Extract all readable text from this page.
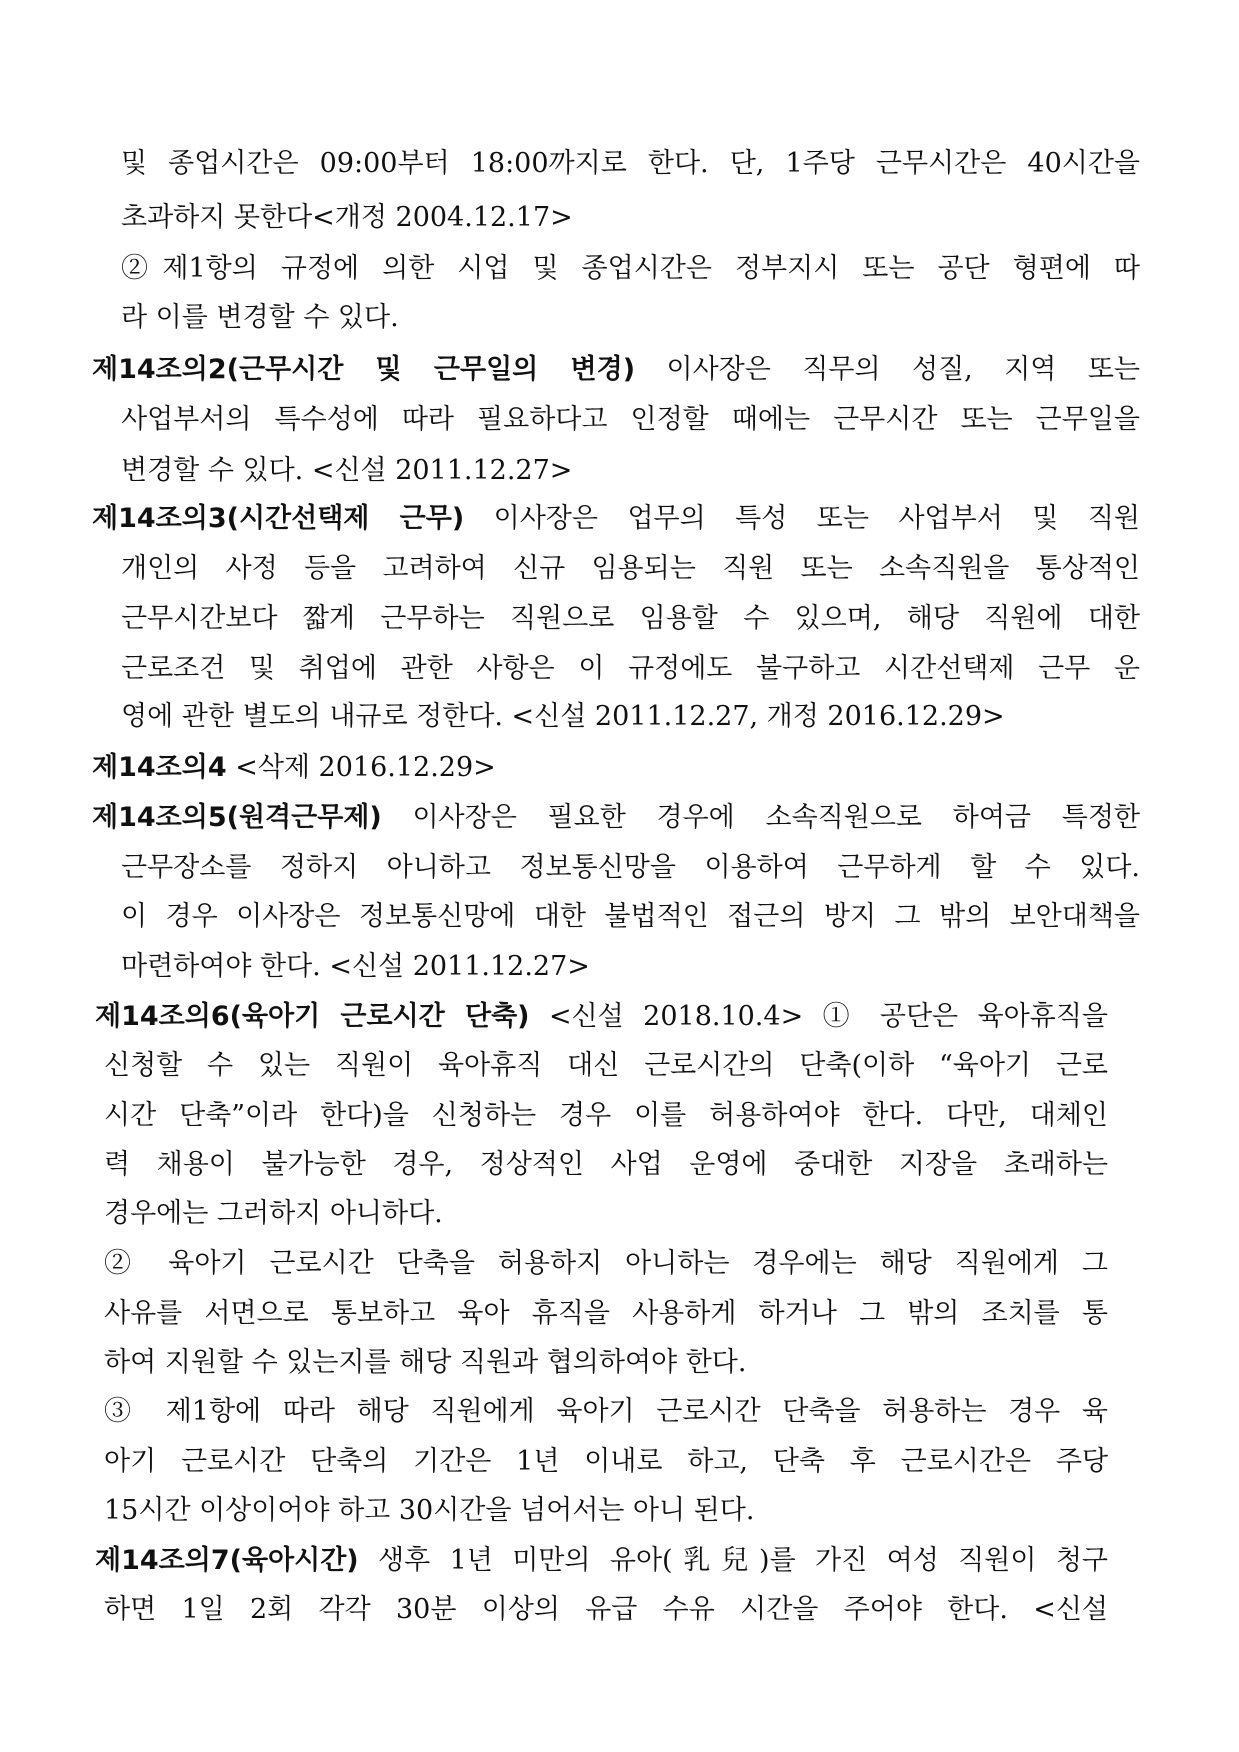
및 종업시간은 09:00부터 18:00까지로 한다. 단, 1주당 근무시간은 40시간을
초과하지 못한다<개정 2004.12.17>
②제1항의 규정에 의한 시업 및 종업시간은 정부지시 또는 공단 형편에 따
라 이를 변경할 수 있다.
제14조의2(근무시간 및 근무일의 변경) 이사장은 직무의 성질, 지역 또는
사업부서의 특수성에 따라 필요하다고 인정할 때에는 근무시간 또는 근무일을
변경할 수 있다. <신설 2011.12.27>
제14조의3(시간선택제 근무) 이사장은 업무의 특성 또는 사업부서 및 직원
개인의 사정 등을 고려하여 신규 임용되는 직원 또는 소속직원을 통상적인
근무시간보다 짧게 근무하는 직원으로 임용할 수 있으며, 해당 직원에 대한
근로조건 및 취업에 관한 사항은 이 규정에도 불구하고 시간선택제 근무 운
영에 관한 별도의 내규로 정한다. <신설 2011.12.27, 개정 2016.12.29>
제14조의4 <삭제 2016.12.29>
제14조의5(원격근무제) 이사장은 필요한 경우에 소속직원으로 하여금 특정한
근무장소를 정하지 아니하고 정보통신망을 이용하여 근무하게 할 수 있다.
이 경우 이사장은 정보통신망에 대한 불법적인 접근의 방지 그 밖의 보안대책을
마련하여야 한다. <신설 2011.12.27>
제14조의6(육아기 근로시간 단축) <신설 2018.10.4> ① 공단은 육아휴직을
신청할 수 있는 직원이 육아휴직 대신 근로시간의 단축(이하 “육아기 근로
시간 단축”이라 한다)을 신청하는 경우 이를 허용하여야 한다. 다만, 대체인
력 채용이 불가능한 경우, 정상적인 사업 운영에 중대한 지장을 초래하는
경우에는 그러하지 아니하다.
② 육아기 근로시간 단축을 허용하지 아니하는 경우에는 해당 직원에게 그
사유를 서면으로 통보하고 육아 휴직을 사용하게 하거나 그 밖의 조치를 통
하여 지원할 수 있는지를 해당 직원과 협의하여야 한다.
③ 제1항에 따라 해당 직원에게 육아기 근로시간 단축을 허용하는 경우 육
아기 근로시간 단축의 기간은 1년 이내로 하고, 단축 후 근로시간은 주당
15시간 이상이어야 하고 30시간을 넘어서는 아니 된다.
제14조의7(육아시간) 생후 1년 미만의 유아(乳兒)를 가진 여성 직원이 청구
하면 1일 2회 각각 30분 이상의 유급 수유 시간을 주어야 한다. <신설
